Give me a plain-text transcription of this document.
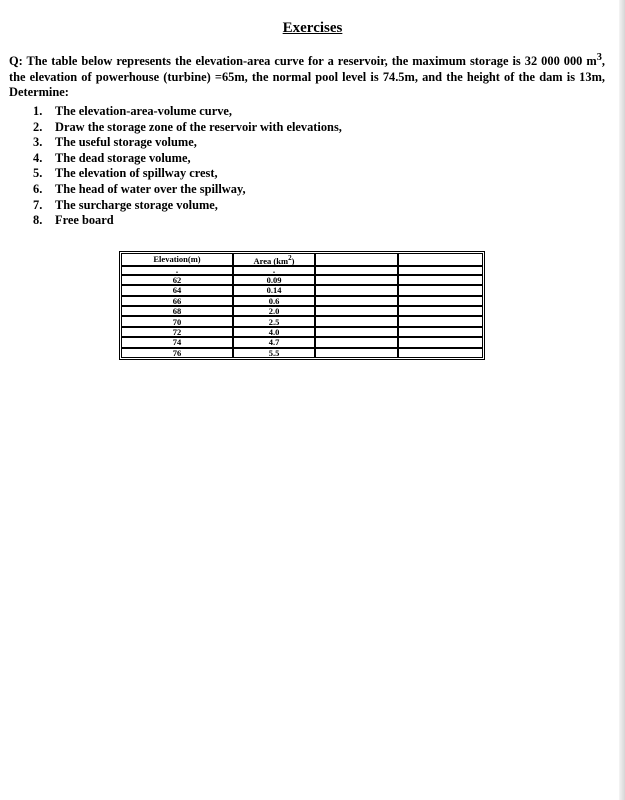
Exercises
Q: The table below represents the elevation-area curve for a reservoir, the maximum storage is 32 000 000 $m^3$, the elevation of powerhouse (turbine) =65m, the normal pool level is 74.5m, and the height of the dam is 13m, Determine:
1.	The elevation-area-volume curve,
2.	Draw the storage zone of the reservoir with elevations,
3.	The useful storage volume,
4.	The dead storage volume,
5.	The elevation of spillway crest,
6.	The head of water over the spillway,
7.	The surcharge storage volume,
8.	Free board
Elevation(m)	Area $(km^2)$		
.	.		
62	0.09		
64	0.14		
66	0.6		
68	2.0		
70	2.5		
72	4.0		
74	4.7		
76	5.5		
